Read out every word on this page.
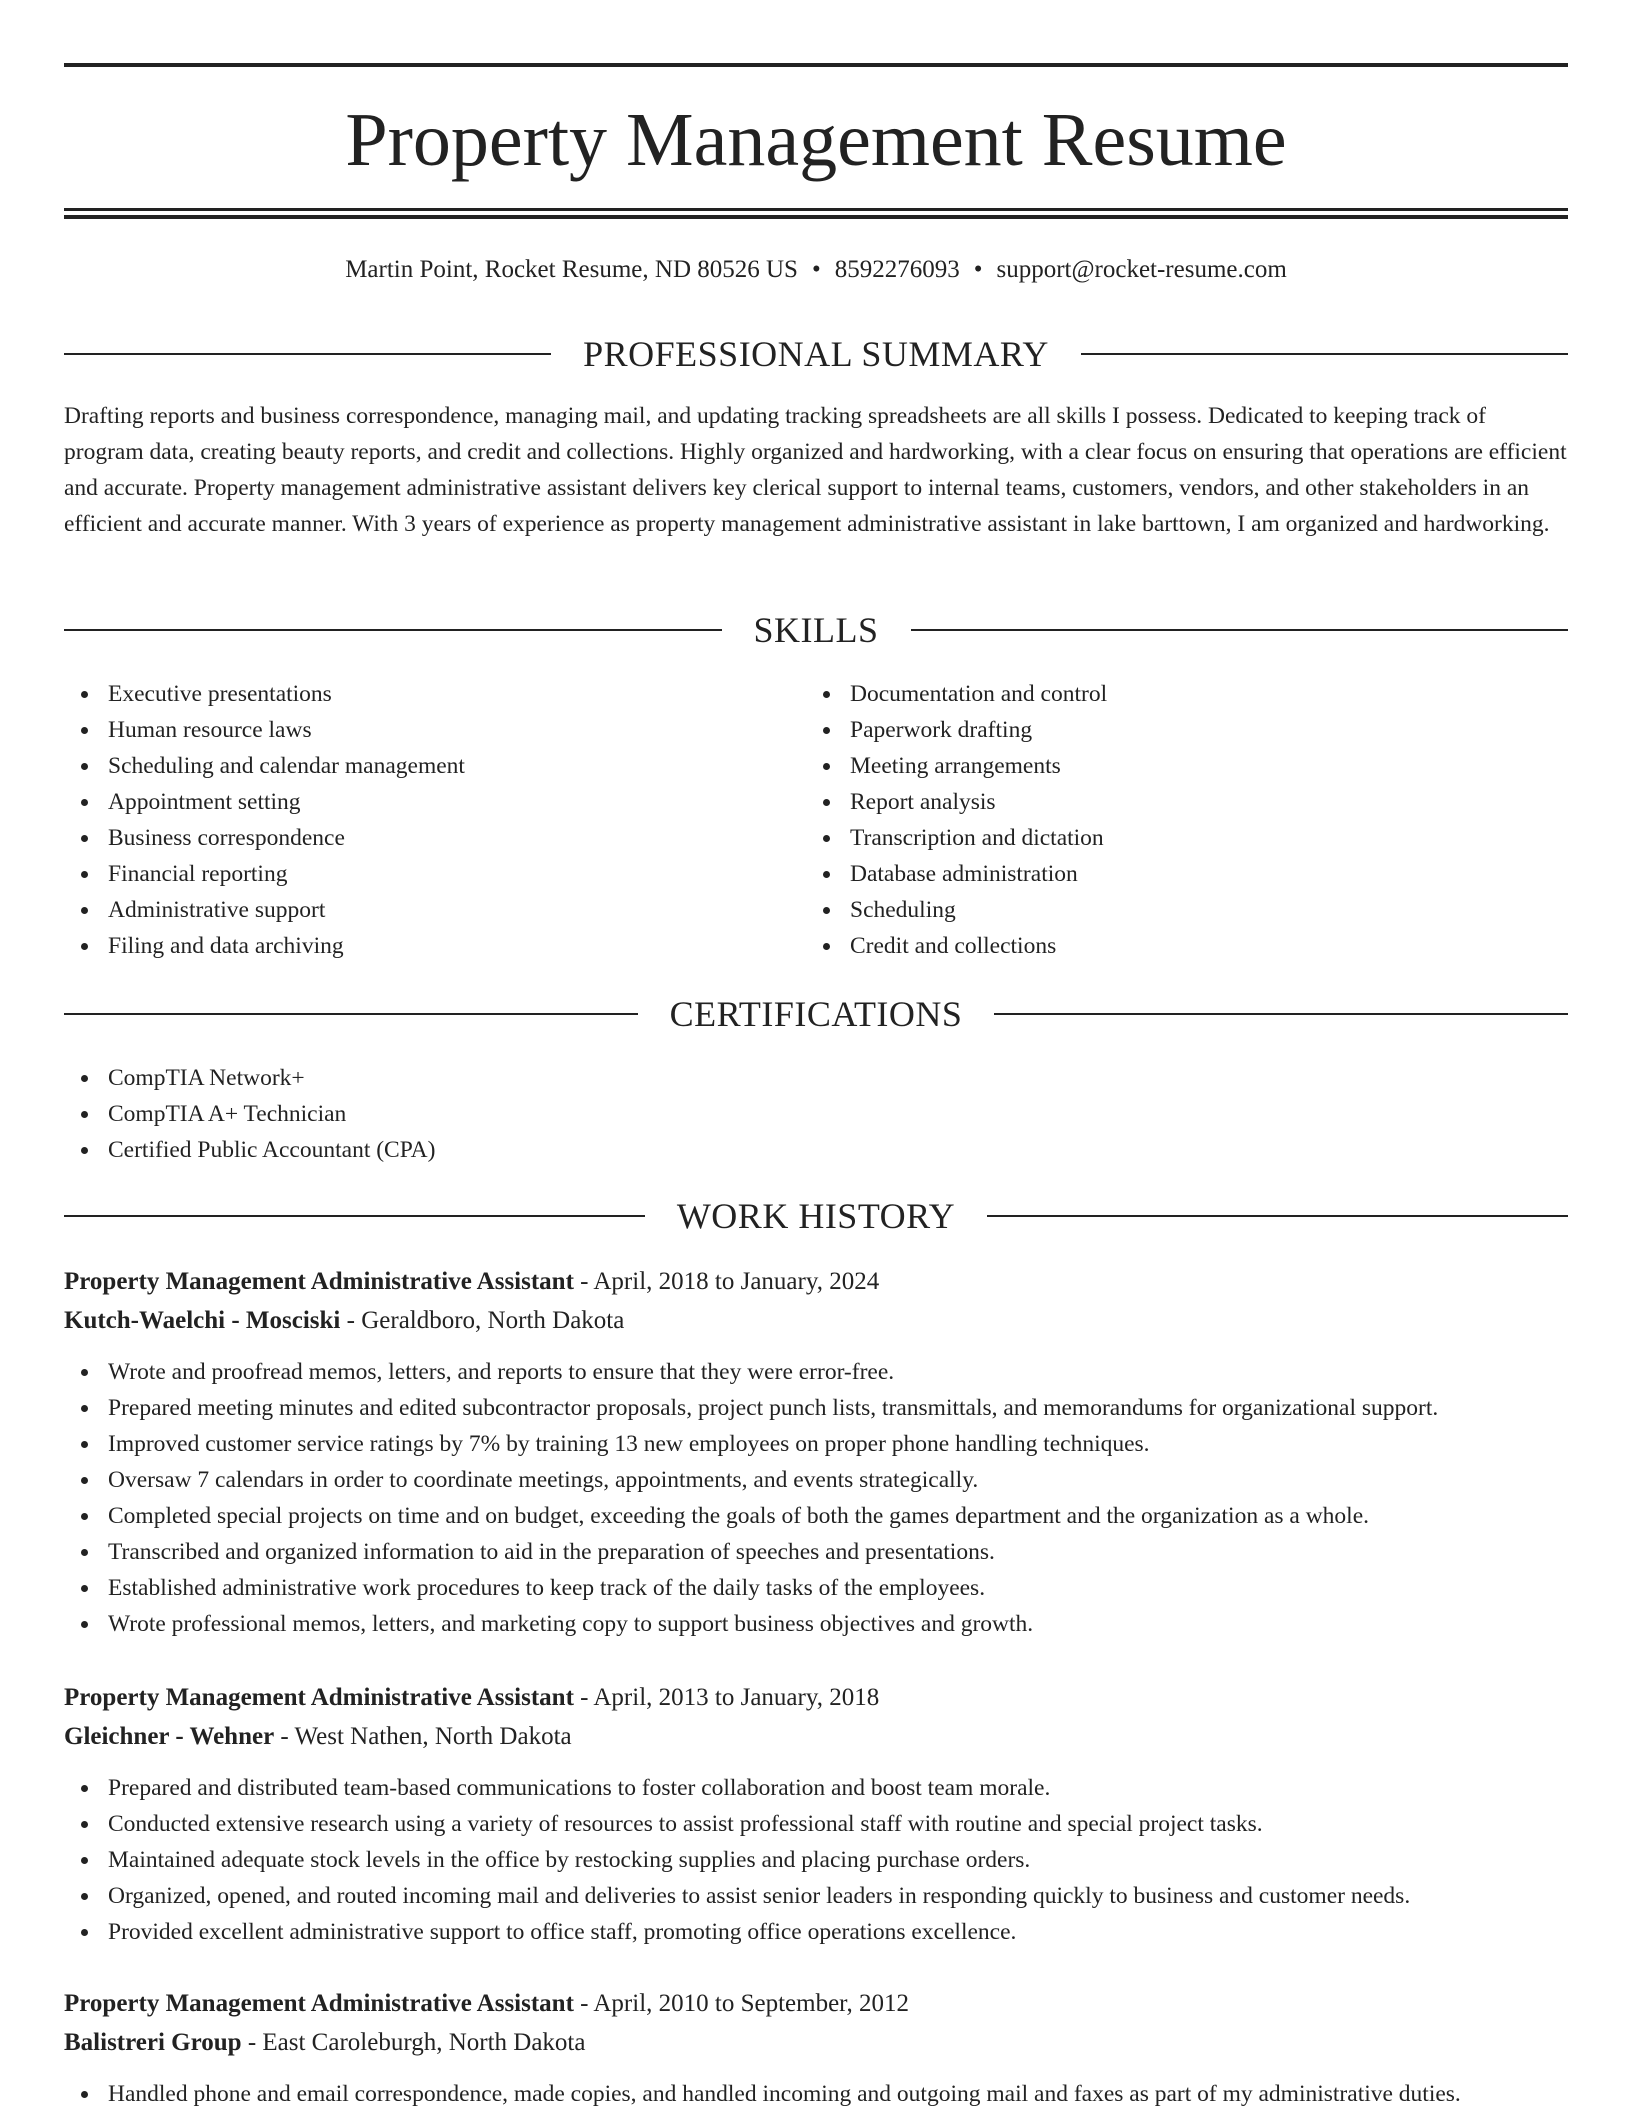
Property Management Resume
Martin Point, Rocket Resume, ND 80526 US • 8592276093 • support@rocket-resume.com
PROFESSIONAL SUMMARY

Drafting reports and business correspondence, managing mail, and updating tracking spreadsheets are all skills I possess. Dedicated to keeping track of program data, creating beauty reports, and credit and collections. Highly organized and hardworking, with a clear focus on ensuring that operations are efficient and accurate. Property management administrative assistant delivers key clerical support to internal teams, customers, vendors, and other stakeholders in an efficient and accurate manner. With 3 years of experience as property management administrative assistant in lake barttown, I am organized and hardworking.

SKILLS
Executive presentations
Human resource laws
Scheduling and calendar management
Appointment setting
Business correspondence
Financial reporting
Administrative support
Filing and data archiving
Documentation and control
Paperwork drafting
Meeting arrangements
Report analysis
Transcription and dictation
Database administration
Scheduling
Credit and collections
CERTIFICATIONS
CompTIA Network+
CompTIA A+ Technician
Certified Public Accountant (CPA)
WORK HISTORY
Property Management Administrative Assistant - April, 2018 to January, 2024
Kutch-Waelchi - Mosciski - Geraldboro, North Dakota
Wrote and proofread memos, letters, and reports to ensure that they were error-free.
Prepared meeting minutes and edited subcontractor proposals, project punch lists, transmittals, and memorandums for organizational support.
Improved customer service ratings by 7% by training 13 new employees on proper phone handling techniques.
Oversaw 7 calendars in order to coordinate meetings, appointments, and events strategically.
Completed special projects on time and on budget, exceeding the goals of both the games department and the organization as a whole.
Transcribed and organized information to aid in the preparation of speeches and presentations.
Established administrative work procedures to keep track of the daily tasks of the employees.
Wrote professional memos, letters, and marketing copy to support business objectives and growth.
Property Management Administrative Assistant - April, 2013 to January, 2018
Gleichner - Wehner - West Nathen, North Dakota
Prepared and distributed team-based communications to foster collaboration and boost team morale.
Conducted extensive research using a variety of resources to assist professional staff with routine and special project tasks.
Maintained adequate stock levels in the office by restocking supplies and placing purchase orders.
Organized, opened, and routed incoming mail and deliveries to assist senior leaders in responding quickly to business and customer needs.
Provided excellent administrative support to office staff, promoting office operations excellence.
Property Management Administrative Assistant - April, 2010 to September, 2012
Balistreri Group - East Caroleburgh, North Dakota
Handled phone and email correspondence, made copies, and handled incoming and outgoing mail and faxes as part of my administrative duties.
